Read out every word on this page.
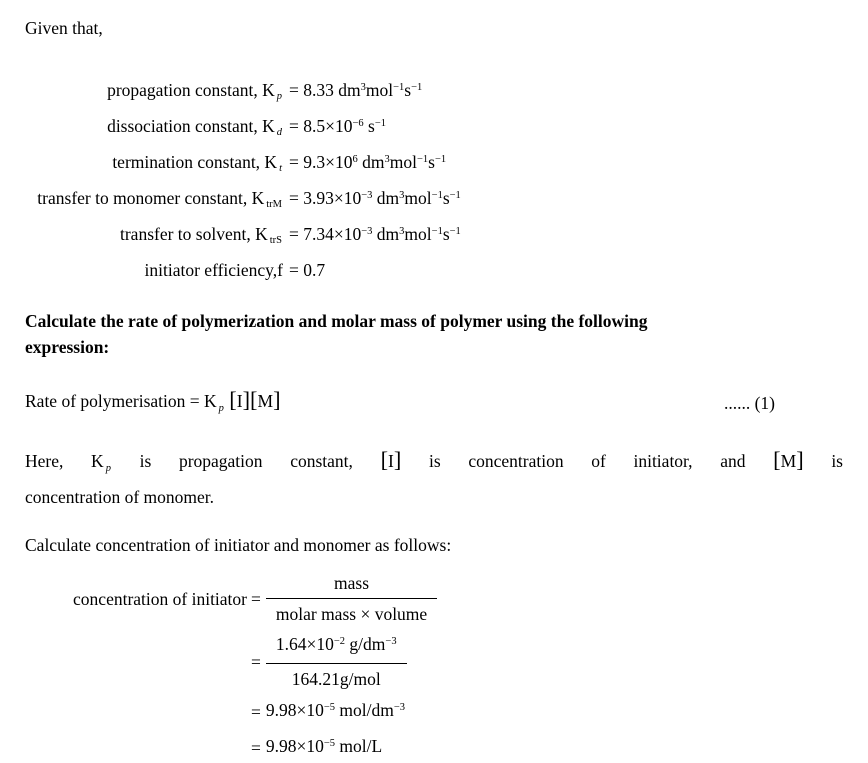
Given that,
propagation constant, K $_p$ = 8.33 $dm^3mol^{-1}s^{-1}$
dissociation constant, K $_d = 8.5\times 10^{-6}$ $s^{-1}$
termination constant, K $_t = 9.3\times 10^6$ $dm^3mol^{-1}s^{-1}$
transfer to monomer constant, K $_{trM} = 3.93\times 10^{-3}$ $dm^3mol^{-1}s^{-1}$
transfer to solvent, K $_{trS} = 7.34\times 10^{-3}$ $dm^3mol^{-1}s^{-1}$
initiator efficiency,f = 0.7
Calculate the rate of polymerization and molar mass of polymer using the following
expression:
Rate of polymerisation = K $_p$ [I][M]	...... (1)
Here, K $_p$ is propagation constant, [I] is concentration of initiator, and [M] is
concentration of monomer.
Calculate concentration of initiator and monomer as follows:
concentration of initiator = $\frac{\text{mass}}{\text{molar mass × volume}}$
= $\frac{1.64\times 10^{-2} g/dm^{-3}}{\text{164.21g/mol}}$
= $9.98\times 10^{-5}$ mol/$dm^{-3}$
= $9.98\times 10^{-5}$ mol/L
